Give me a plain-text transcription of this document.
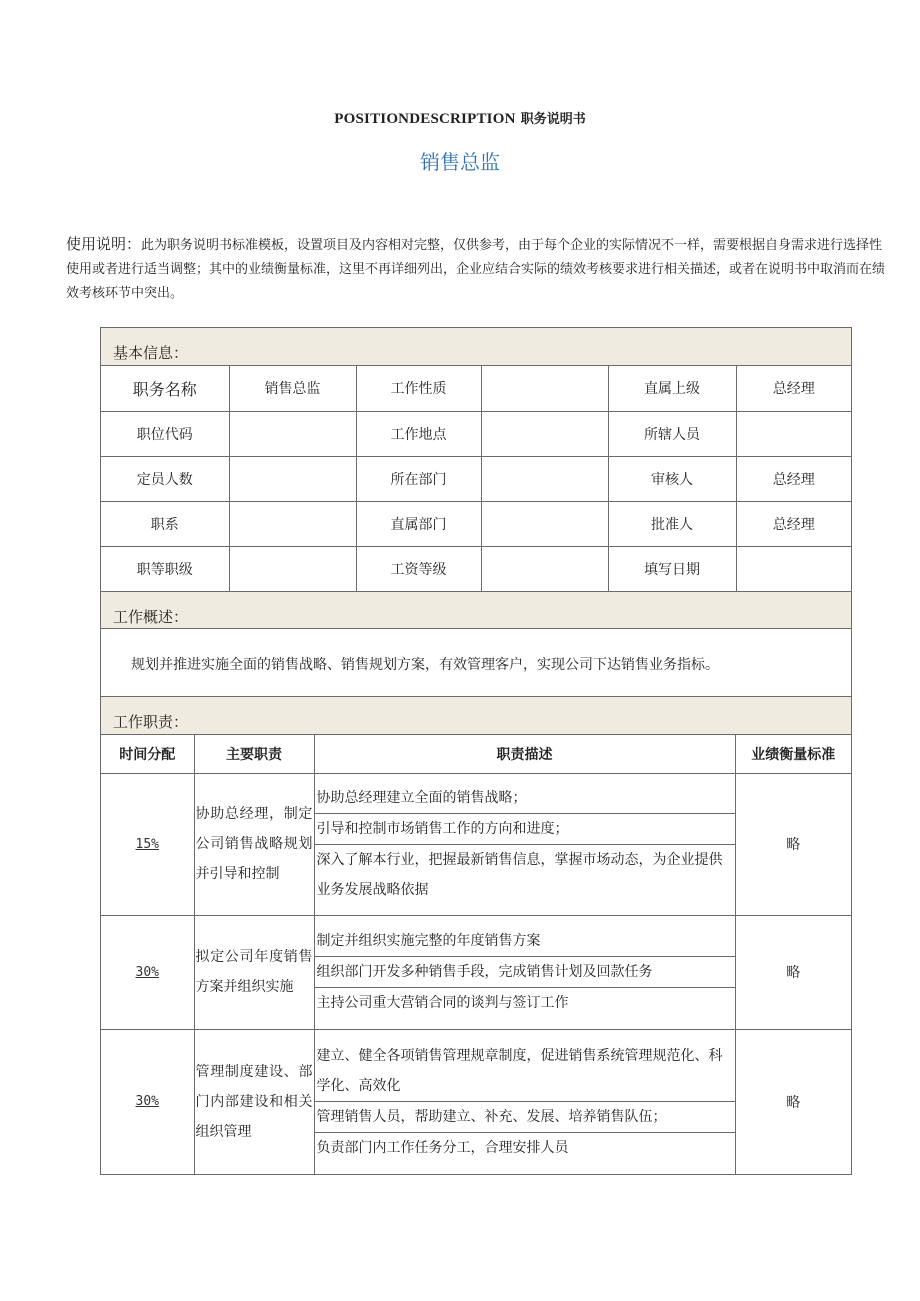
POSITIONDESCRIPTION 职务说明书
销售总监
使用说明：此为职务说明书标准模板，设置项目及内容相对完整，仅供参考，由于每个企业的实际情况不一样，需要根据自身需求进行选择性使用或者进行适当调整；其中的业绩衡量标准，这里不再详细列出，企业应结合实际的绩效考核要求进行相关描述，或者在说明书中取消而在绩效考核环节中突出。
基本信息：
职务名称	销售总监	工作性质		直属上级	总经理
职位代码		工作地点		所辖人员	
定员人数		所在部门		审核人	总经理
职系		直属部门		批准人	总经理
职等职级		工资等级		填写日期	
工作概述：
规划并推进实施全面的销售战略、销售规划方案，有效管理客户，实现公司下达销售业务指标。
工作职责：
时间分配	主要职责	职责描述	业绩衡量标准
15%	协助总经理，制定公司销售战略规划并引导和控制	协助总经理建立全面的销售战略；
引导和控制市场销售工作的方向和进度；
深入了解本行业，把握最新销售信息，掌握市场动态，为企业提供业务发展战略依据	略
30%	拟定公司年度销售方案并组织实施	制定并组织实施完整的年度销售方案
组织部门开发多种销售手段，完成销售计划及回款任务
主持公司重大营销合同的谈判与签订工作	略
30%	管理制度建设、部门内部建设和相关组织管理	建立、健全各项销售管理规章制度，促进销售系统管理规范化、科学化、高效化
管理销售人员，帮助建立、补充、发展、培养销售队伍；
负责部门内工作任务分工，合理安排人员	略
